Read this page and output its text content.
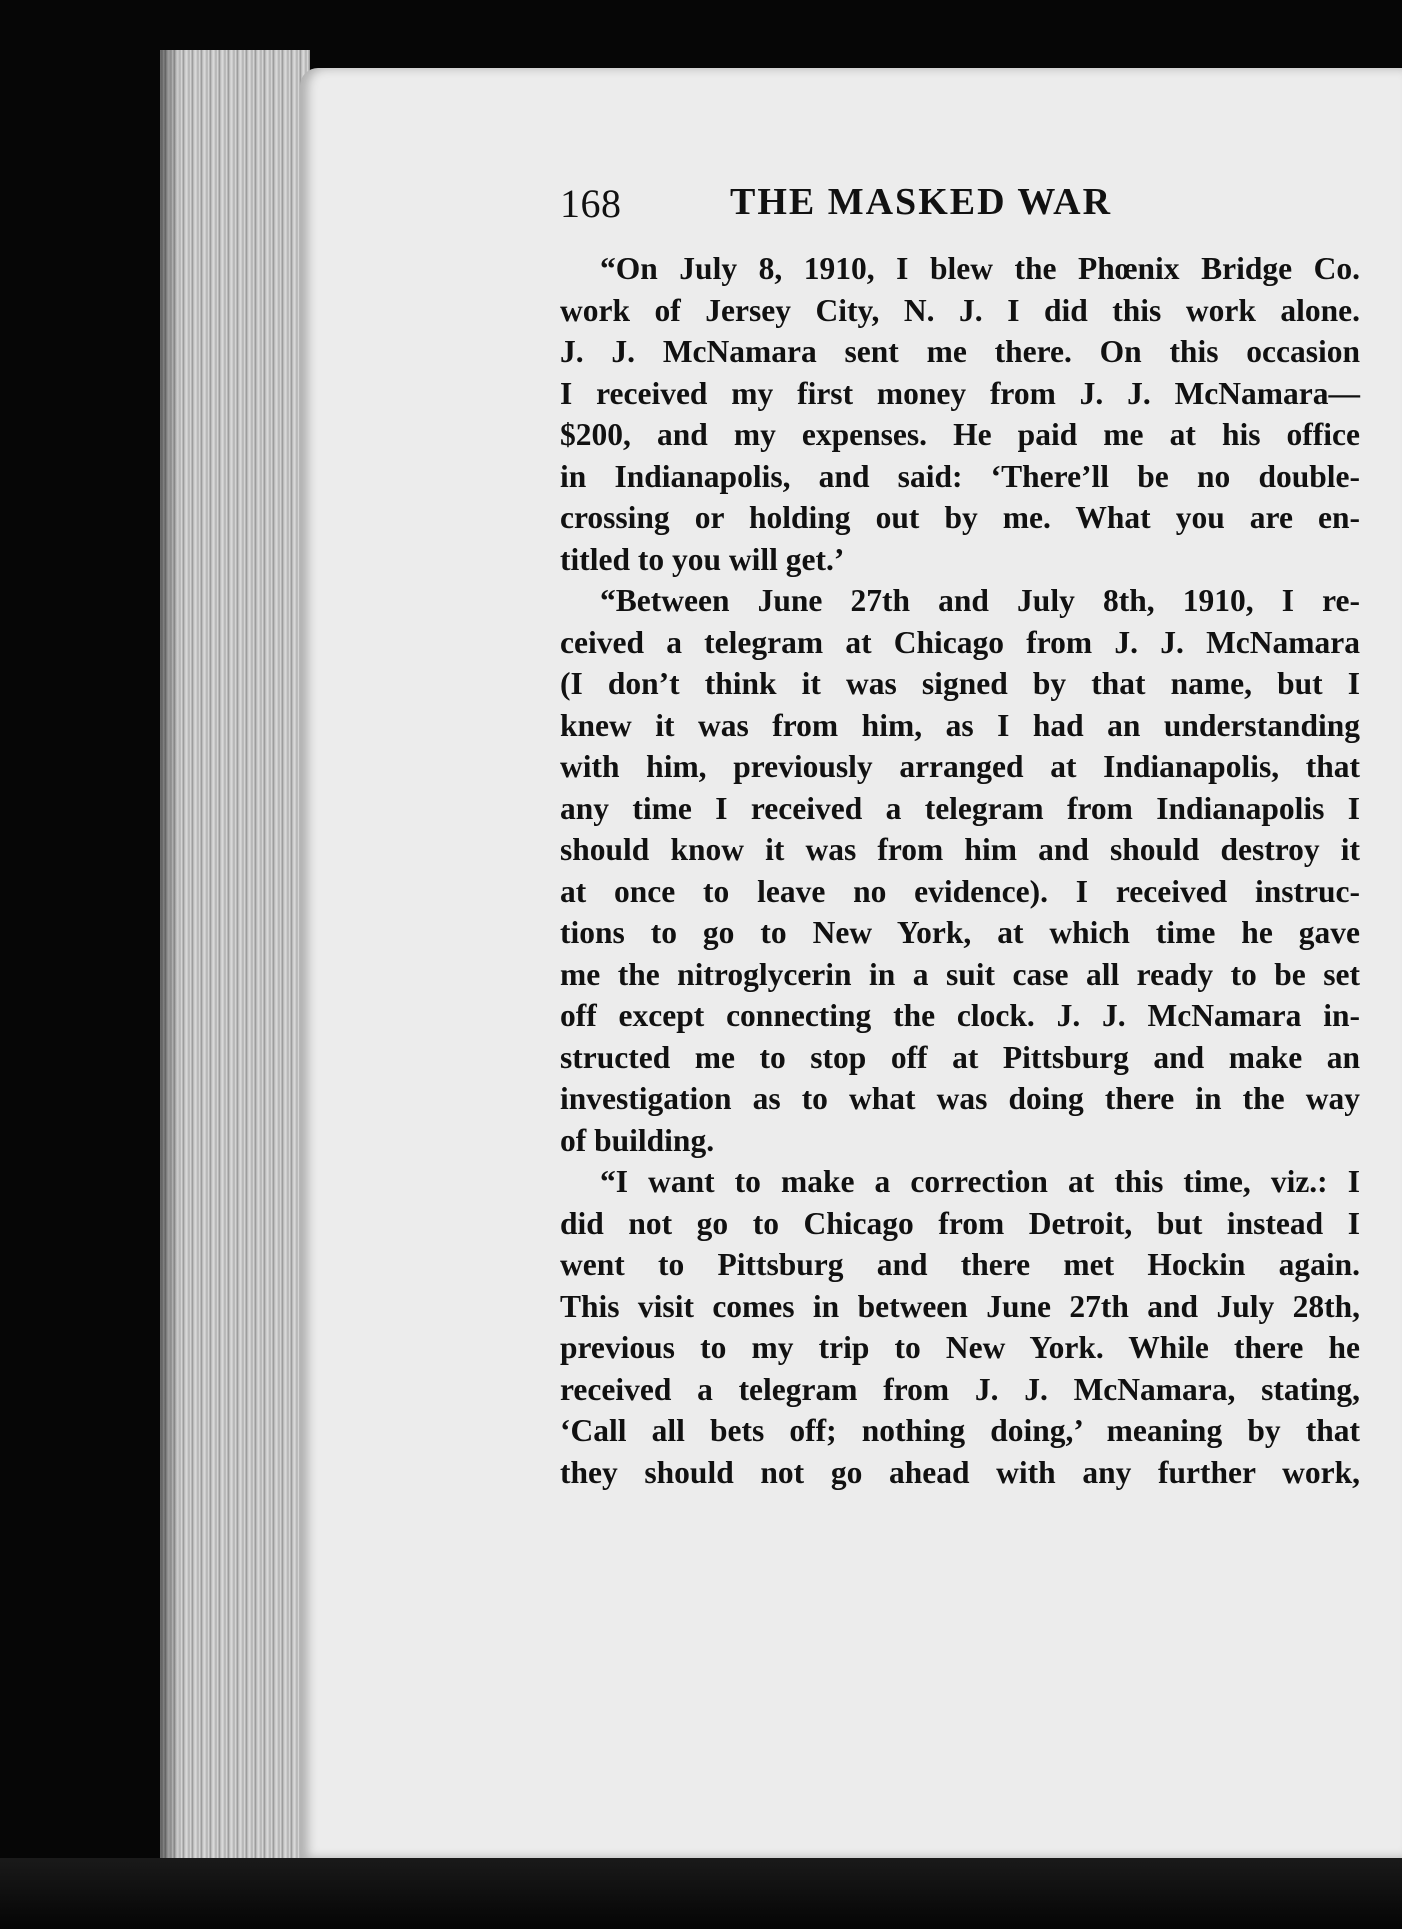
168	THE MASKED WAR
“On July 8, 1910, I blew the Phœnix Bridge Co.
work of Jersey City, N. J. I did this work alone.
J. J. McNamara sent me there. On this occasion
I received my first money from J. J. McNamara—
$200, and my expenses. He paid me at his office
in Indianapolis, and said: ‘There’ll be no double-
crossing or holding out by me. What you are en-
titled to you will get.’
“Between June 27th and July 8th, 1910, I re-
ceived a telegram at Chicago from J. J. McNamara
(I don’t think it was signed by that name, but I
knew it was from him, as I had an understanding
with him, previously arranged at Indianapolis, that
any time I received a telegram from Indianapolis I
should know it was from him and should destroy it
at once to leave no evidence). I received instruc-
tions to go to New York, at which time he gave
me the nitroglycerin in a suit case all ready to be set
off except connecting the clock. J. J. McNamara in-
structed me to stop off at Pittsburg and make an
investigation as to what was doing there in the way
of building.
“I want to make a correction at this time, viz.: I
did not go to Chicago from Detroit, but instead I
went to Pittsburg and there met Hockin again.
This visit comes in between June 27th and July 28th,
previous to my trip to New York. While there he
received a telegram from J. J. McNamara, stating,
‘Call all bets off; nothing doing,’ meaning by that
they should not go ahead with any further work,
